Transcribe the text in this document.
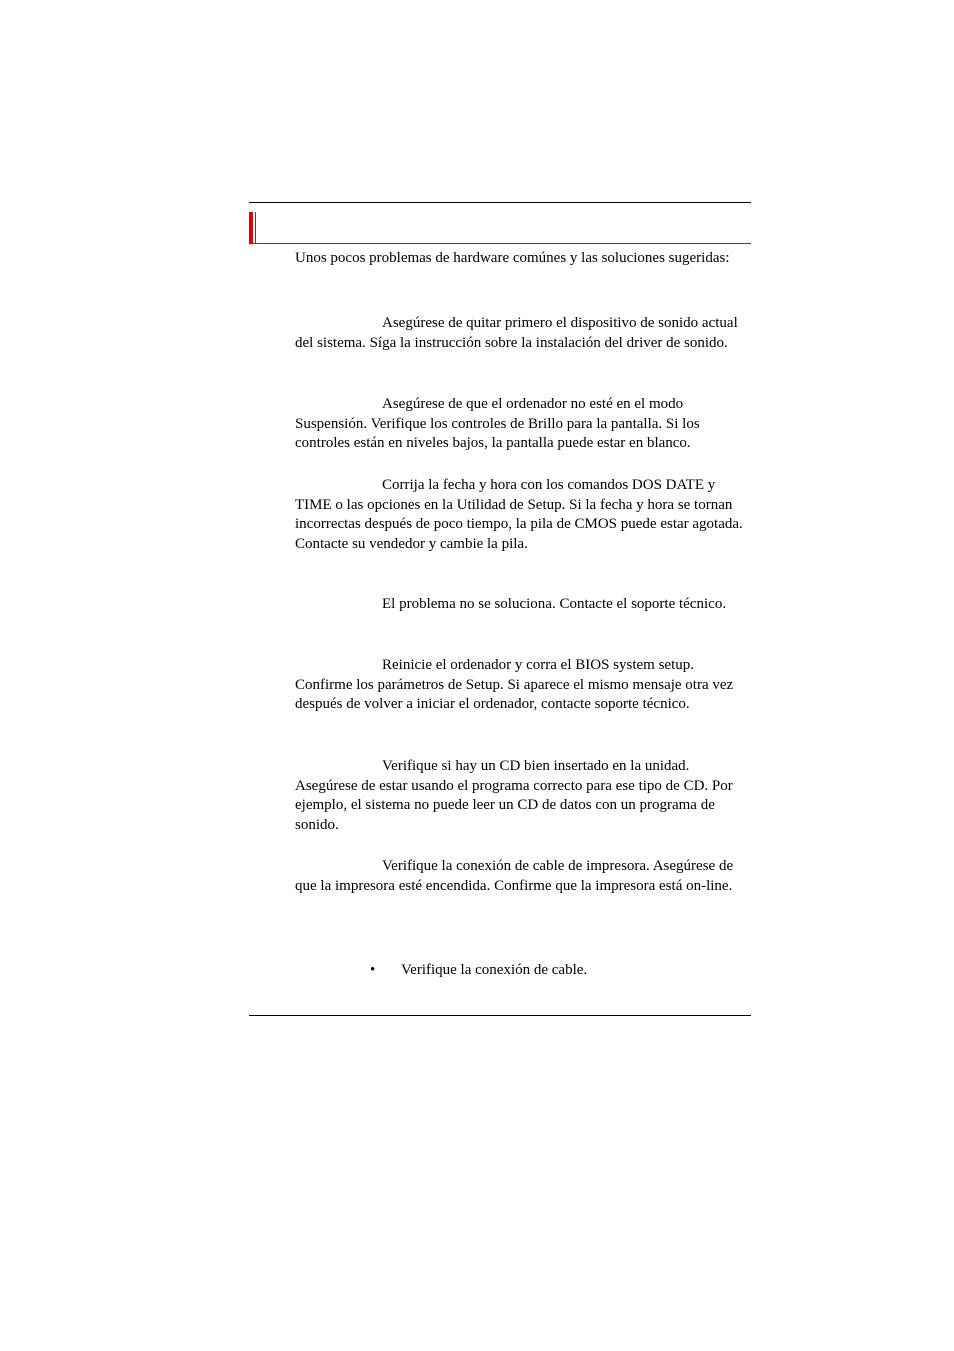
Unos pocos problemas de hardware comúnes y las soluciones sugeridas:

Asegúrese de quitar primero el dispositivo de sonido actual del sistema. Síga la instrucción sobre la instalación del driver de sonido.

Asegúrese de que el ordenador no esté en el modo Suspensión. Verifique los controles de Brillo para la pantalla. Si los controles están en niveles bajos, la pantalla puede estar en blanco.

Corrija la fecha y hora con los comandos DOS DATE y TIME o las opciones en la Utilidad de Setup. Si la fecha y hora se tornan incorrectas después de poco tiempo, la pila de CMOS puede estar agotada. Contacte su vendedor y cambie la pila.

El problema no se soluciona. Contacte el soporte técnico.

Reinicie el ordenador y corra el BIOS system setup. Confirme los parámetros de Setup. Si aparece el mismo mensaje otra vez después de volver a iniciar el ordenador, contacte soporte técnico.

Verifique si hay un CD bien insertado en la unidad. Asegúrese de estar usando el programa correcto para ese tipo de CD. Por ejemplo, el sistema no puede leer un CD de datos con un programa de sonido.

Verifique la conexión de cable de impresora. Asegúrese de que la impresora esté encendida. Confirme que la impresora está on-line.

•	Verifique la conexión de cable.
